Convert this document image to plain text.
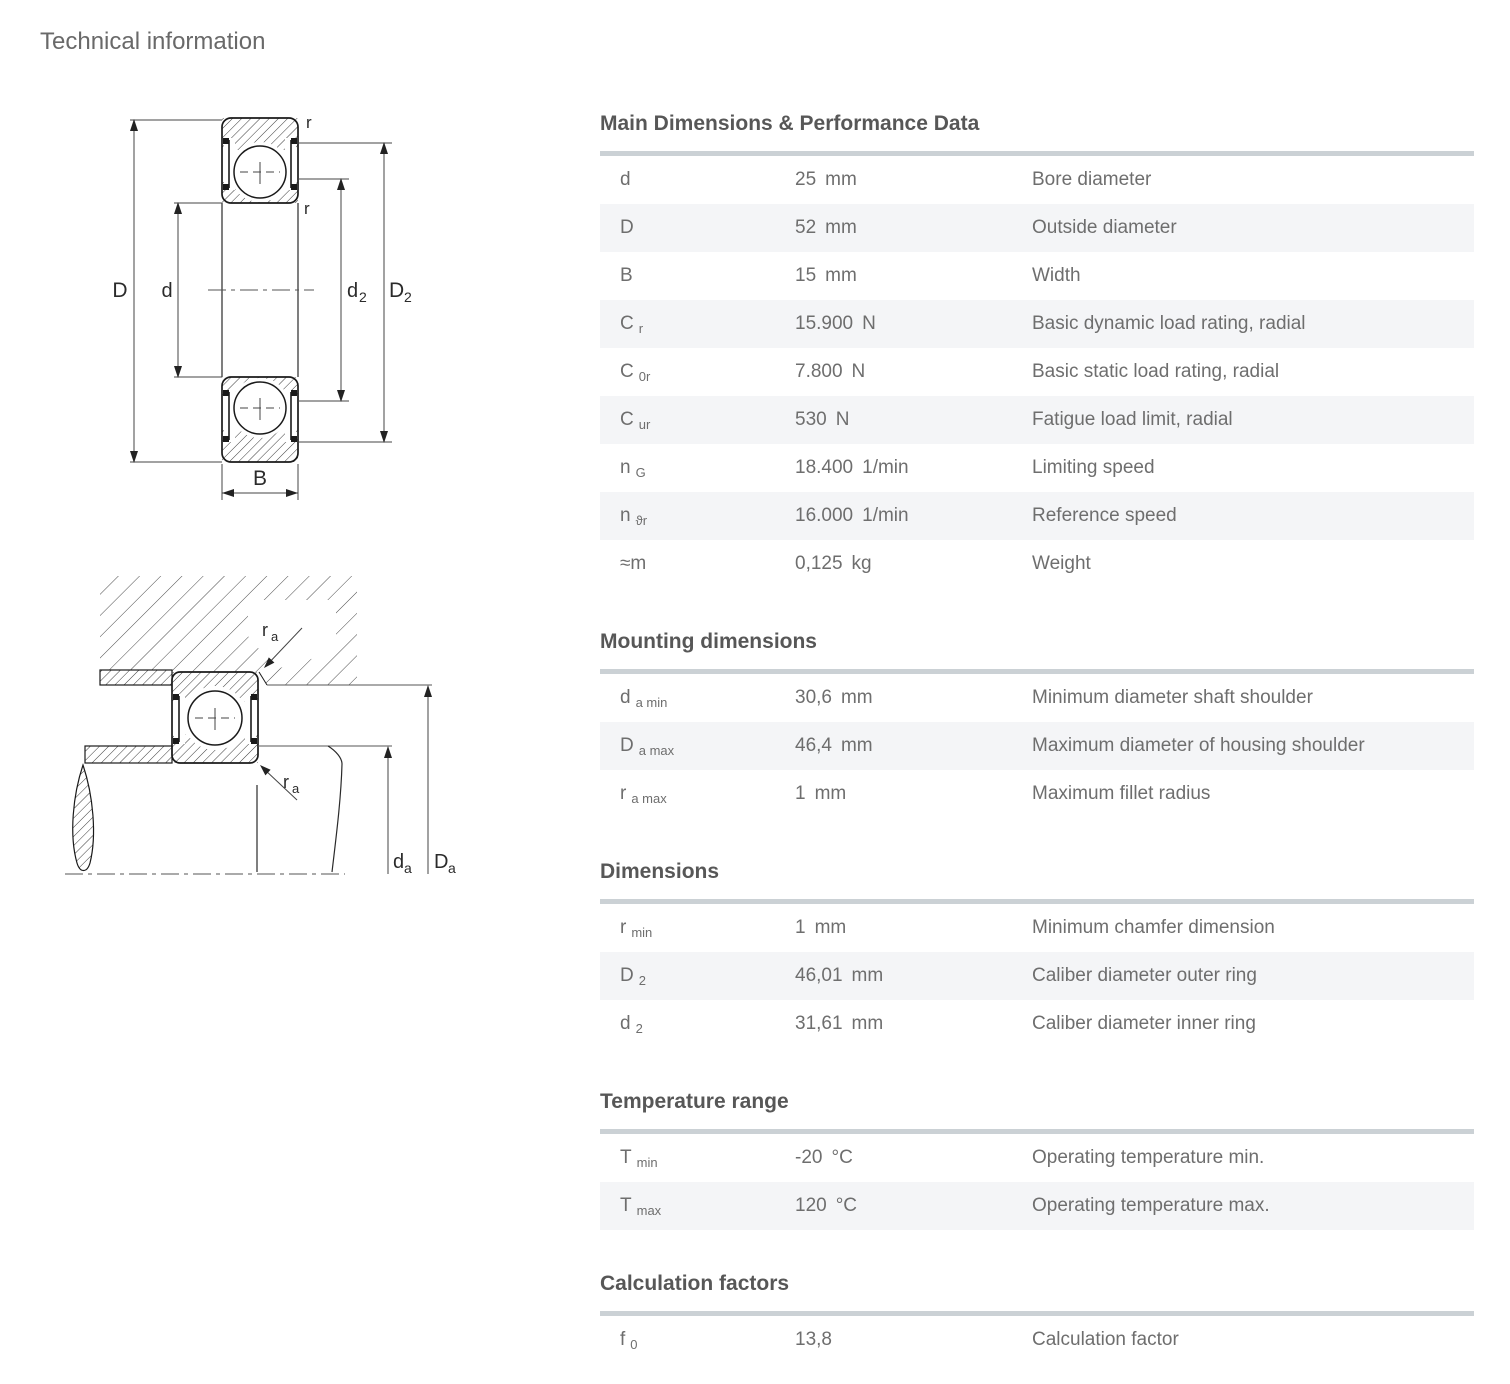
Technical information
D d	d 2 D 2
r
r
B
r a
r a
d a D a
Main Dimensions & Performance Data
d	25 mm	Bore diameter
D	52 mm	Outside diameter
B	15 mm	Width
C $_r$	15.900 N	Basic dynamic load rating, radial
C $_{0r}$	7.800 N	Basic static load rating, radial
C $_{ur}$	530 N	Fatigue load limit, radial
n $_G$	18.400 1/min	Limiting speed
n $_{ϑr}$	16.000 1/min	Reference speed
≈m	0,125 kg	Weight
Mounting dimensions
d $_{a min}$	30,6 mm	Minimum diameter shaft shoulder
D $_{a max}$	46,4 mm	Maximum diameter of housing shoulder
r $_{a max}$	1 mm	Maximum fillet radius
Dimensions
r $_{min}$	1 mm	Minimum chamfer dimension
D $_2$	46,01 mm	Caliber diameter outer ring
d $_2$	31,61 mm	Caliber diameter inner ring
Temperature range
T $_{min}$	-20 °C	Operating temperature min.
T $_{max}$	120 °C	Operating temperature max.
Calculation factors
f $_0$	13,8	Calculation factor
